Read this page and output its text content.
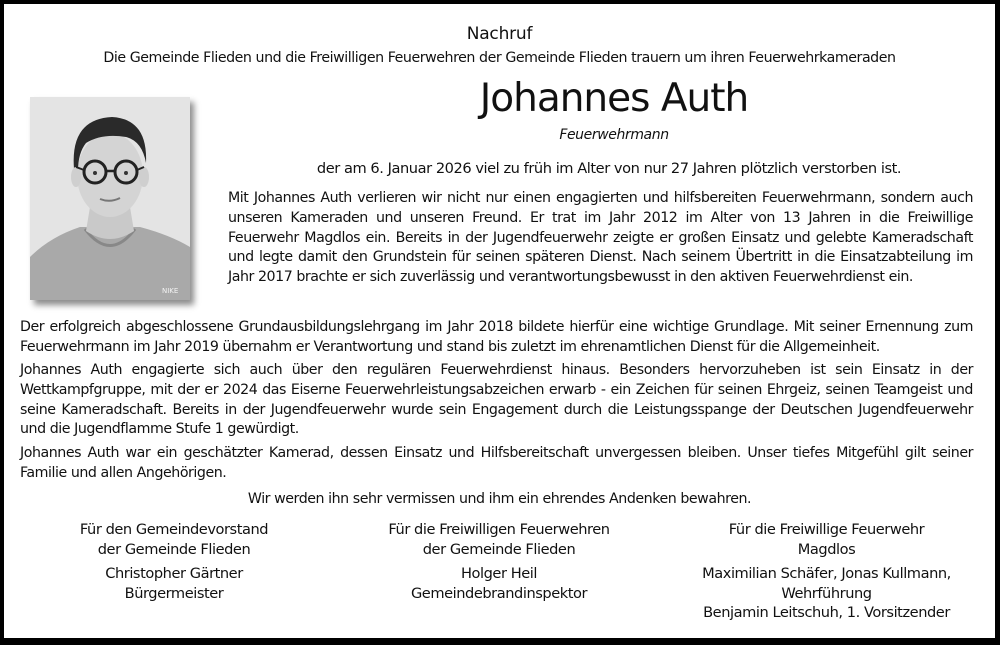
Nachruf
Die Gemeinde Flieden und die Freiwilligen Feuerwehren der Gemeinde Flieden trauern um ihren Feuerwehrkameraden
NIKE
Johannes Auth
Feuerwehrmann
der am 6. Januar 2026 viel zu früh im Alter von nur 27 Jahren plötzlich verstorben ist.
Mit Johannes Auth verlieren wir nicht nur einen engagierten und hilfsbereiten Feuerwehrmann, sondern auch unseren Kameraden und unseren Freund. Er trat im Jahr 2012 im Alter von 13 Jahren in die Freiwillige Feuerwehr Magdlos ein. Bereits in der Jugendfeuerwehr zeigte er großen Einsatz und gelebte Kameradschaft und legte damit den Grundstein für seinen späteren Dienst. Nach seinem Übertritt in die Einsatzabteilung im Jahr 2017 brachte er sich zuverlässig und verantwortungsbewusst in den aktiven Feuerwehrdienst ein.
Der erfolgreich abgeschlossene Grundausbildungslehrgang im Jahr 2018 bildete hierfür eine wichtige Grundlage. Mit seiner Ernennung zum Feuerwehrmann im Jahr 2019 übernahm er Verantwortung und stand bis zuletzt im ehrenamtlichen Dienst für die Allgemeinheit.
Johannes Auth engagierte sich auch über den regulären Feuerwehrdienst hinaus. Besonders hervorzuheben ist sein Einsatz in der Wettkampfgruppe, mit der er 2024 das Eiserne Feuerwehrleistungsabzeichen erwarb - ein Zeichen für seinen Ehrgeiz, seinen Teamgeist und seine Kameradschaft. Bereits in der Jugendfeuerwehr wurde sein Engagement durch die Leistungsspange der Deutschen Jugendfeuerwehr und die Jugendflamme Stufe 1 gewürdigt.
Johannes Auth war ein geschätzter Kamerad, dessen Einsatz und Hilfsbereitschaft unvergessen bleiben. Unser tiefes Mitgefühl gilt seiner Familie und allen Angehörigen.
Wir werden ihn sehr vermissen und ihm ein ehrendes Andenken bewahren.
Für den Gemeindevorstand
der Gemeinde Flieden
Christopher Gärtner
Bürgermeister
Für die Freiwilligen Feuerwehren
der Gemeinde Flieden
Holger Heil
Gemeindebrandinspektor
Für die Freiwillige Feuerwehr
Magdlos
Maximilian Schäfer, Jonas Kullmann,
Wehrführung
Benjamin Leitschuh, 1. Vorsitzender
